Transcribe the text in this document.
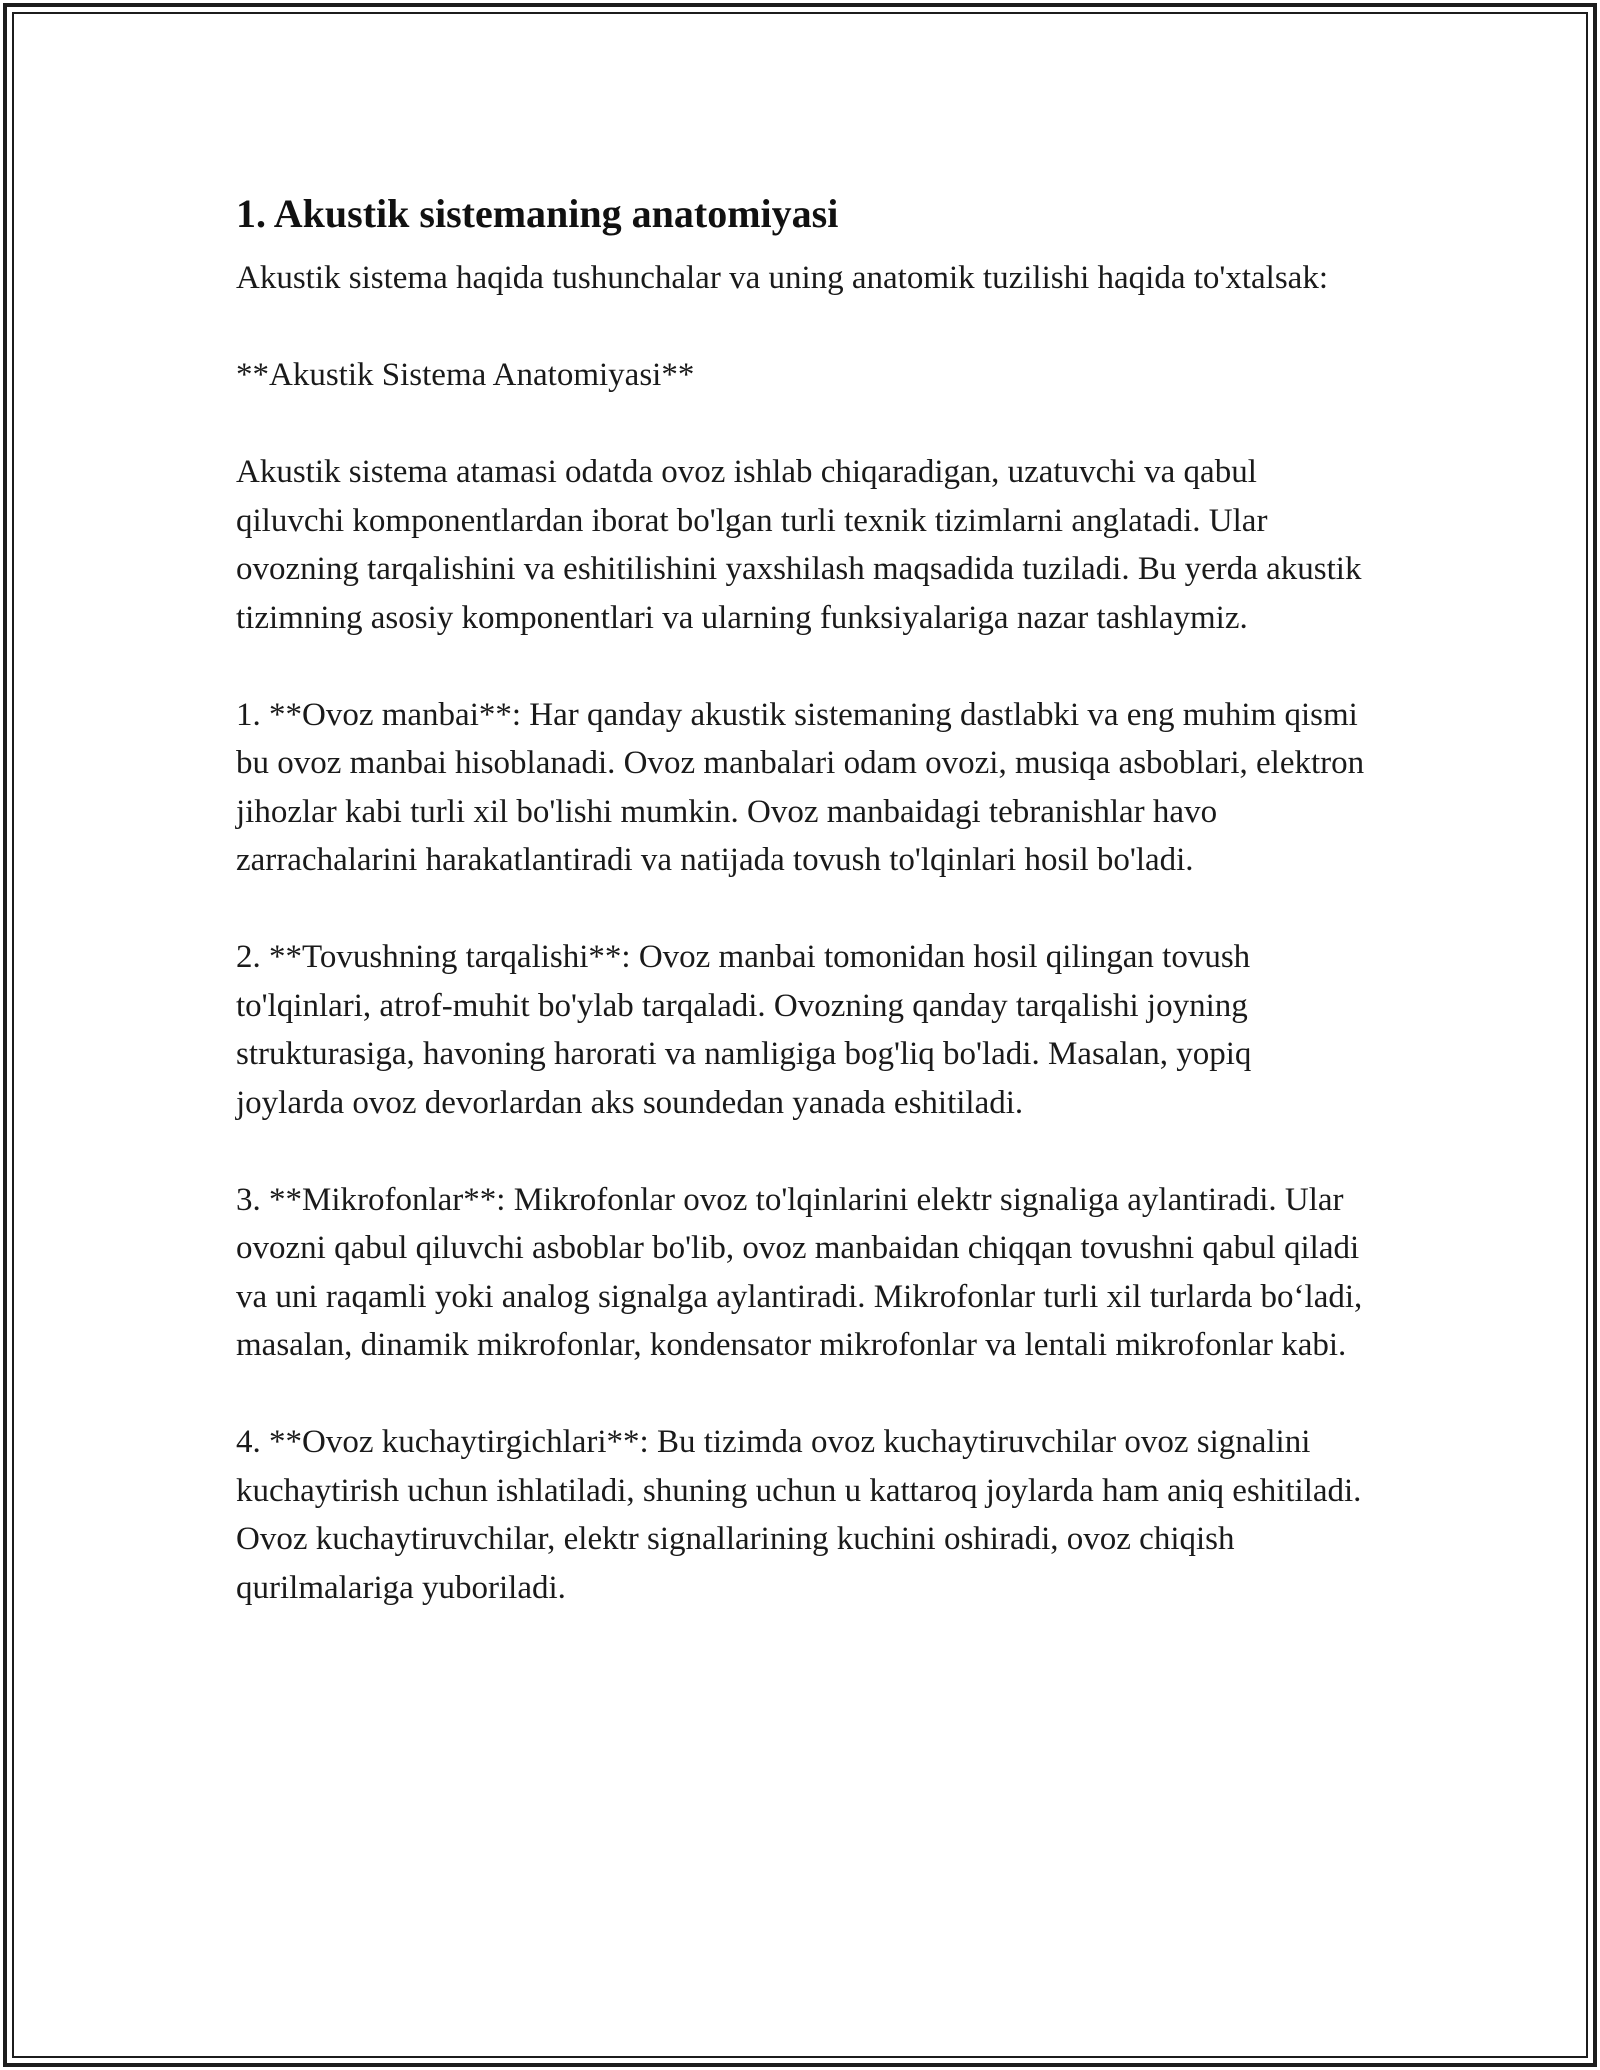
1. Akustik sistemaning anatomiyasi

Akustik sistema haqida tushunchalar va uning anatomik tuzilishi haqida to'xtalsak:

**Akustik Sistema Anatomiyasi**

Akustik sistema atamasi odatda ovoz ishlab chiqaradigan, uzatuvchi va qabul qiluvchi komponentlardan iborat bo'lgan turli texnik tizimlarni anglatadi. Ular ovozning tarqalishini va eshitilishini yaxshilash maqsadida tuziladi. Bu yerda akustik tizimning asosiy komponentlari va ularning funksiyalariga nazar tashlaymiz.

1. **Ovoz manbai**: Har qanday akustik sistemaning dastlabki va eng muhim qismi bu ovoz manbai hisoblanadi. Ovoz manbalari odam ovozi, musiqa asboblari, elektron jihozlar kabi turli xil bo'lishi mumkin. Ovoz manbaidagi tebranishlar havo zarrachalarini harakatlantiradi va natijada tovush to'lqinlari hosil bo'ladi.

2. **Tovushning tarqalishi**: Ovoz manbai tomonidan hosil qilingan tovush to'lqinlari, atrof-muhit bo'ylab tarqaladi. Ovozning qanday tarqalishi joyning strukturasiga, havoning harorati va namligiga bog'liq bo'ladi. Masalan, yopiq joylarda ovoz devorlardan aks soundedan yanada eshitiladi.

3. **Mikrofonlar**: Mikrofonlar ovoz to'lqinlarini elektr signaliga aylantiradi. Ular ovozni qabul qiluvchi asboblar bo'lib, ovoz manbaidan chiqqan tovushni qabul qiladi va uni raqamli yoki analog signalga aylantiradi. Mikrofonlar turli xil turlarda bo‘ladi, masalan, dinamik mikrofonlar, kondensator mikrofonlar va lentali mikrofonlar kabi.

4. **Ovoz kuchaytirgichlari**: Bu tizimda ovoz kuchaytiruvchilar ovoz signalini kuchaytirish uchun ishlatiladi, shuning uchun u kattaroq joylarda ham aniq eshitiladi. Ovoz kuchaytiruvchilar, elektr signallarining kuchini oshiradi, ovoz chiqish qurilmalariga yuboriladi.
